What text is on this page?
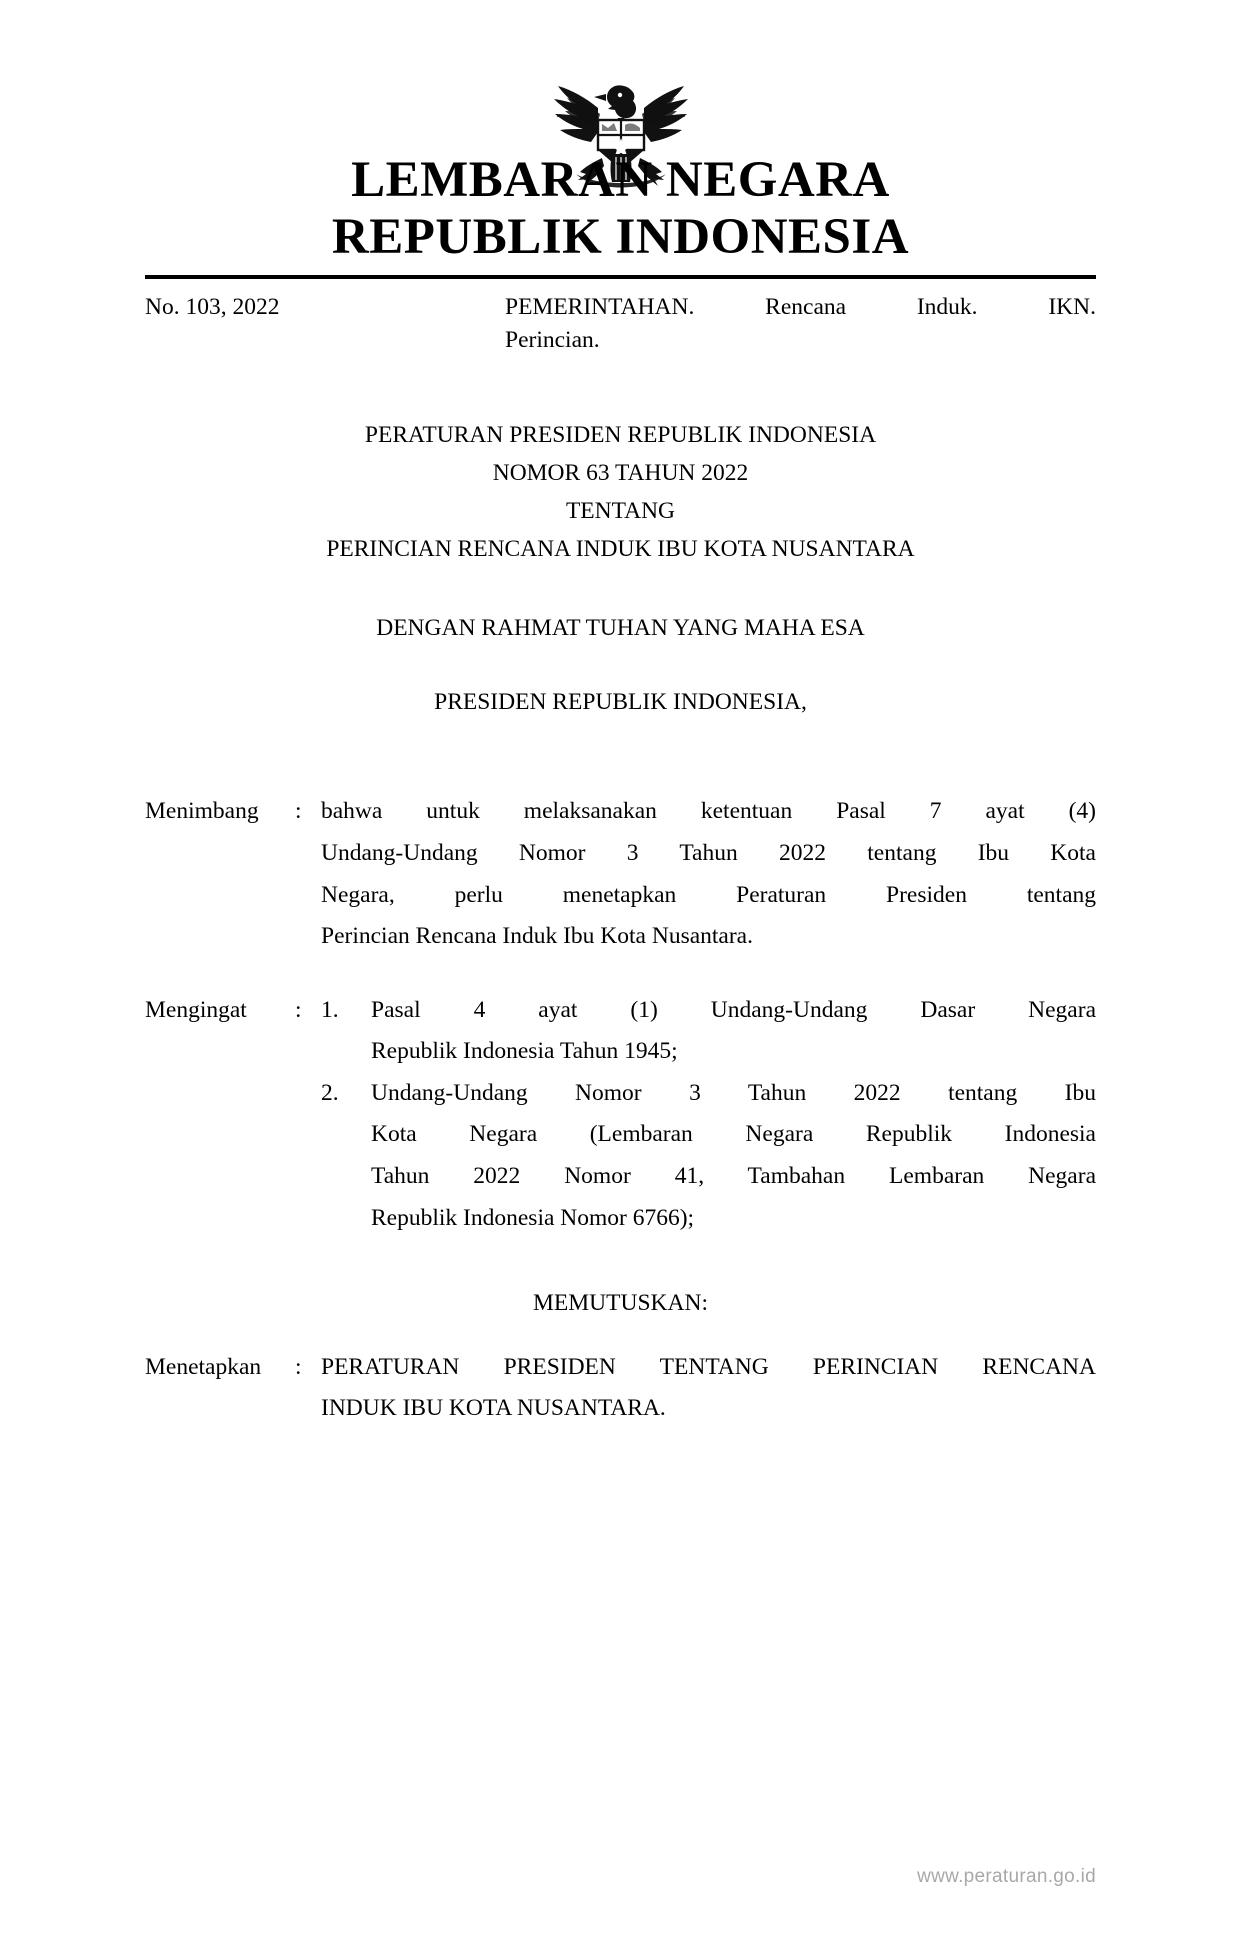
LEMBARAN NEGARA
REPUBLIK INDONESIA
No. 103, 2022	PEMERINTAHAN. Rencana Induk. IKN.
Perincian.
PERATURAN PRESIDEN REPUBLIK INDONESIA
NOMOR 63 TAHUN 2022
TENTANG
PERINCIAN RENCANA INDUK IBU KOTA NUSANTARA
DENGAN RAHMAT TUHAN YANG MAHA ESA
PRESIDEN REPUBLIK INDONESIA,
Menimbang	: bahwa untuk melaksanakan ketentuan Pasal 7 ayat (4)

Undang-Undang Nomor 3 Tahun 2022 tentang Ibu Kota

Negara, perlu menetapkan Peraturan Presiden tentang

Perincian Rencana Induk Ibu Kota Nusantara.

Mengingat	: 1.	Pasal 4 ayat (1) Undang-Undang Dasar Negara

Republik Indonesia Tahun 1945;

2.	Undang-Undang Nomor 3 Tahun 2022 tentang Ibu

Kota Negara (Lembaran Negara Republik Indonesia

Tahun 2022 Nomor 41, Tambahan Lembaran Negara

Republik Indonesia Nomor 6766);

MEMUTUSKAN:
Menetapkan	: PERATURAN PRESIDEN TENTANG PERINCIAN RENCANA

INDUK IBU KOTA NUSANTARA.

www.peraturan.go.id
